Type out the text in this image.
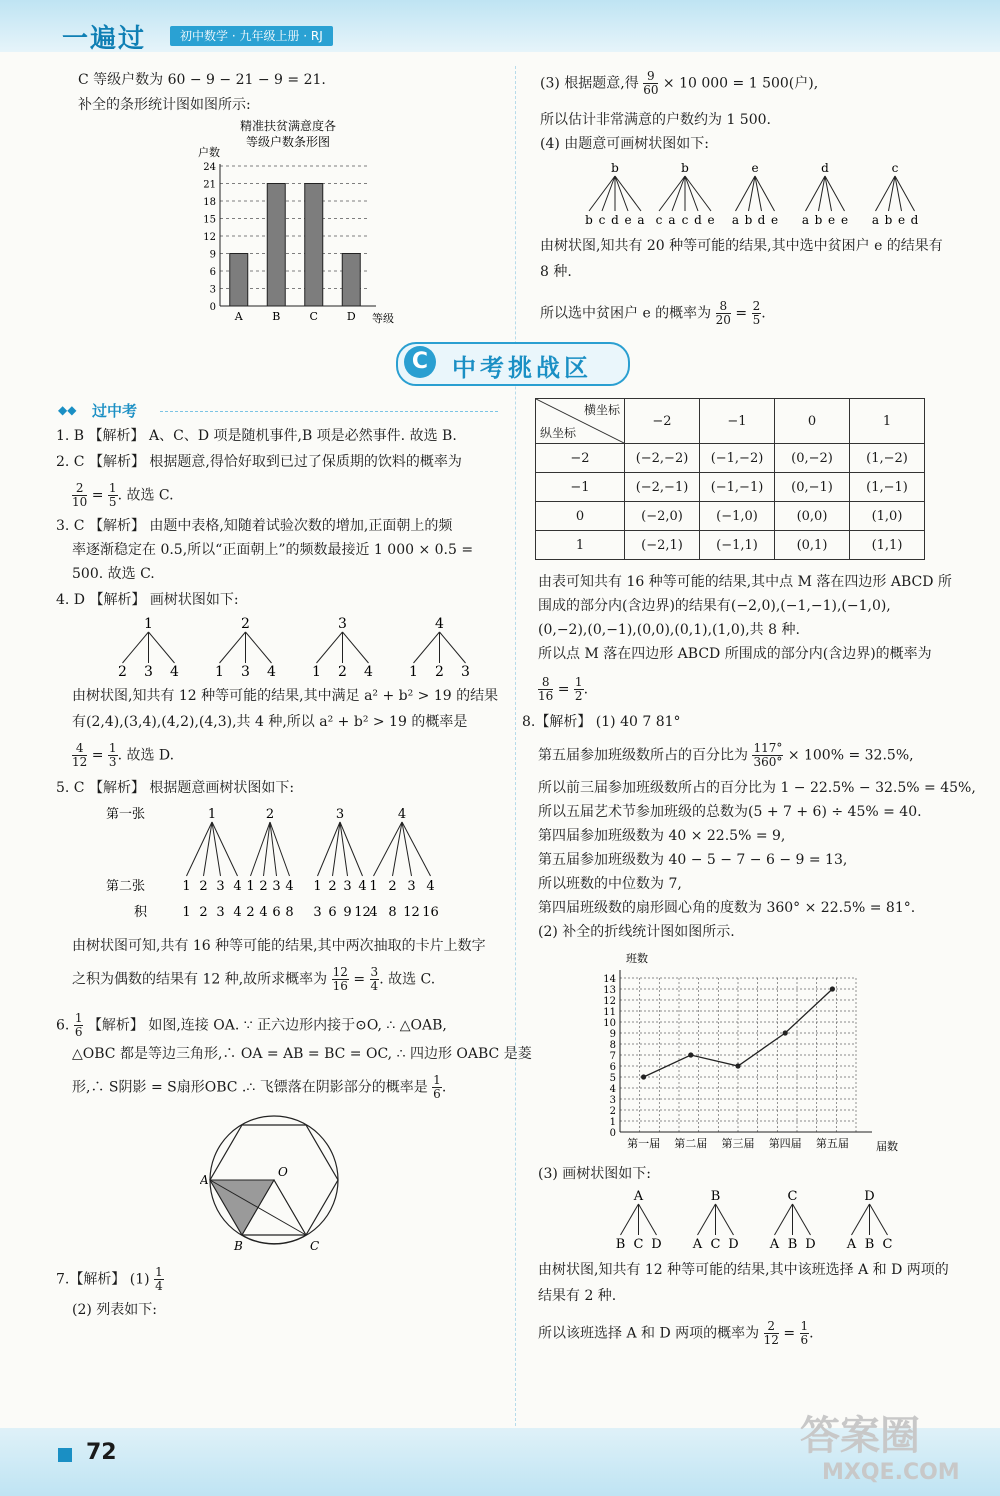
一遍过	初中数学 · 九年级上册 · RJ
72	答案圈
MXQE.COM
C 等级户数为 60 − 9 − 21 − 9 = 21.
补全的条形统计图如图所示:
精准扶贫满意度各
等级户数条形图
户数
等级
0
3
6
9
12
15
18
21
24
A	B	C	D
(3) 根据题意,得 $\frac{9}{60} \times 10$ 000 = 1 500(户),
所以估计非常满意的户数约为 1 500.
(4) 由题意可画树状图如下:
b
b c d e a
b
c a c d e
e
a b d e
d
a b e e
c
a b e d
由树状图,知共有 20 种等可能的结果,其中选中贫困户 e 的结果有
8 种.
所以选中贫困户 e 的概率为 $\frac{8}{20} = \frac{2}{5}$ .
C 中考挑战区
◆◆ 过中考
1. B 【解析】 A、C、D 项是随机事件,B 项是必然事件. 故选 B.
2. C 【解析】 根据题意,得恰好取到已过了保质期的饮料的概率为
$\frac{2}{10} = \frac{1}{5}$ . 故选 C.
3. C 【解析】 由题中表格,知随着试验次数的增加,正面朝上的频
率逐渐稳定在 0.5,所以“正面朝上”的频数最接近 1 000 × 0.5 =
500. 故选 C.
4. D 【解析】 画树状图如下:
1
2 3 4
2
1 3 4
3
1 2 4
4
1 2 3
由树状图,知共有 12 种等可能的结果,其中满足 a² + b² > 19 的结果
有(2,4),(3,4),(4,2),(4,3),共 4 种,所以 a² + b² > 19 的概率是
$\frac{4}{12} = \frac{1}{3}$ . 故选 D.
5. C 【解析】 根据题意画树状图如下:
第一张
第二张
积
1
1
1
2
2
3
3
4
4
2
1
2
2
4
3
6
4
8
3
1
3
2
6
3
9
4
12
4
1
4
2
8
3
12
4
16
由树状图可知,共有 16 种等可能的结果,其中两次抽取的卡片上数字
之积为偶数的结果有 12 种,故所求概率为 $\frac{12}{16} = \frac{3}{4}$ . 故选 C.
6. $\frac{1}{6}$ 【解析】 如图,连接 OA. ∵ 正六边形内接于⊙O, ∴ △OAB,
△OBC 都是等边三角形,∴ OA = AB = BC = OC, ∴ 四边形 OABC 是菱
形,∴ S阴影 = S扇形OBC .∴ 飞镖落在阴影部分的概率是 $\frac{1}{6}$ .
O
A
B	C
7.【解析】 $(1) \frac{1}{4}$
(2) 列表如下:
横坐标
纵坐标	−2	−1	0	1
−2	(−2,−2)	(−1,−2)	(0,−2)	(1,−2)
−1	(−2,−1)	(−1,−1)	(0,−1)	(1,−1)
0	(−2,0)	(−1,0)	(0,0)	(1,0)
1	(−2,1)	(−1,1)	(0,1)	(1,1)
由表可知共有 16 种等可能的结果,其中点 M 落在四边形 ABCD 所
围成的部分内(含边界)的结果有(−2,0),(−1,−1),(−1,0),
(0,−2),(0,−1),(0,0),(0,1),(1,0),共 8 种.
所以点 M 落在四边形 ABCD 所围成的部分内(含边界)的概率为
$\frac{8}{16} = \frac{1}{2}$ .
8.【解析】 (1) 40 7 81°
第五届参加班级数所占的百分比为 $\frac{117^\circ}{360^\circ} \times 100\% = 32.5\%$,
所以前三届参加班级数所占的百分比为 1 − 22.5% − 32.5% = 45%,
所以五届艺术节参加班级的总数为(5 + 7 + 6) ÷ 45% = 40.
第四届参加班级数为 40 × 22.5% = 9,
第五届参加班级数为 40 − 5 − 7 − 6 − 9 = 13,
所以班数的中位数为 7,
第四届班级数的扇形圆心角的度数为 360° × 22.5% = 81°.
(2) 补全的折线统计图如图所示.
班数
届数
0
1
2
3
4
5
6
7
8
9
10
11
12
13
14
第一届 第二届 第三届 第四届 第五届
(3) 画树状图如下:
A
B C D
B
A C D
C
A B D
D
A B C
由树状图,知共有 12 种等可能的结果,其中该班选择 A 和 D 两项的
结果有 2 种.
所以该班选择 A 和 D 两项的概率为 $\frac{2}{12} = \frac{1}{6}$ .
